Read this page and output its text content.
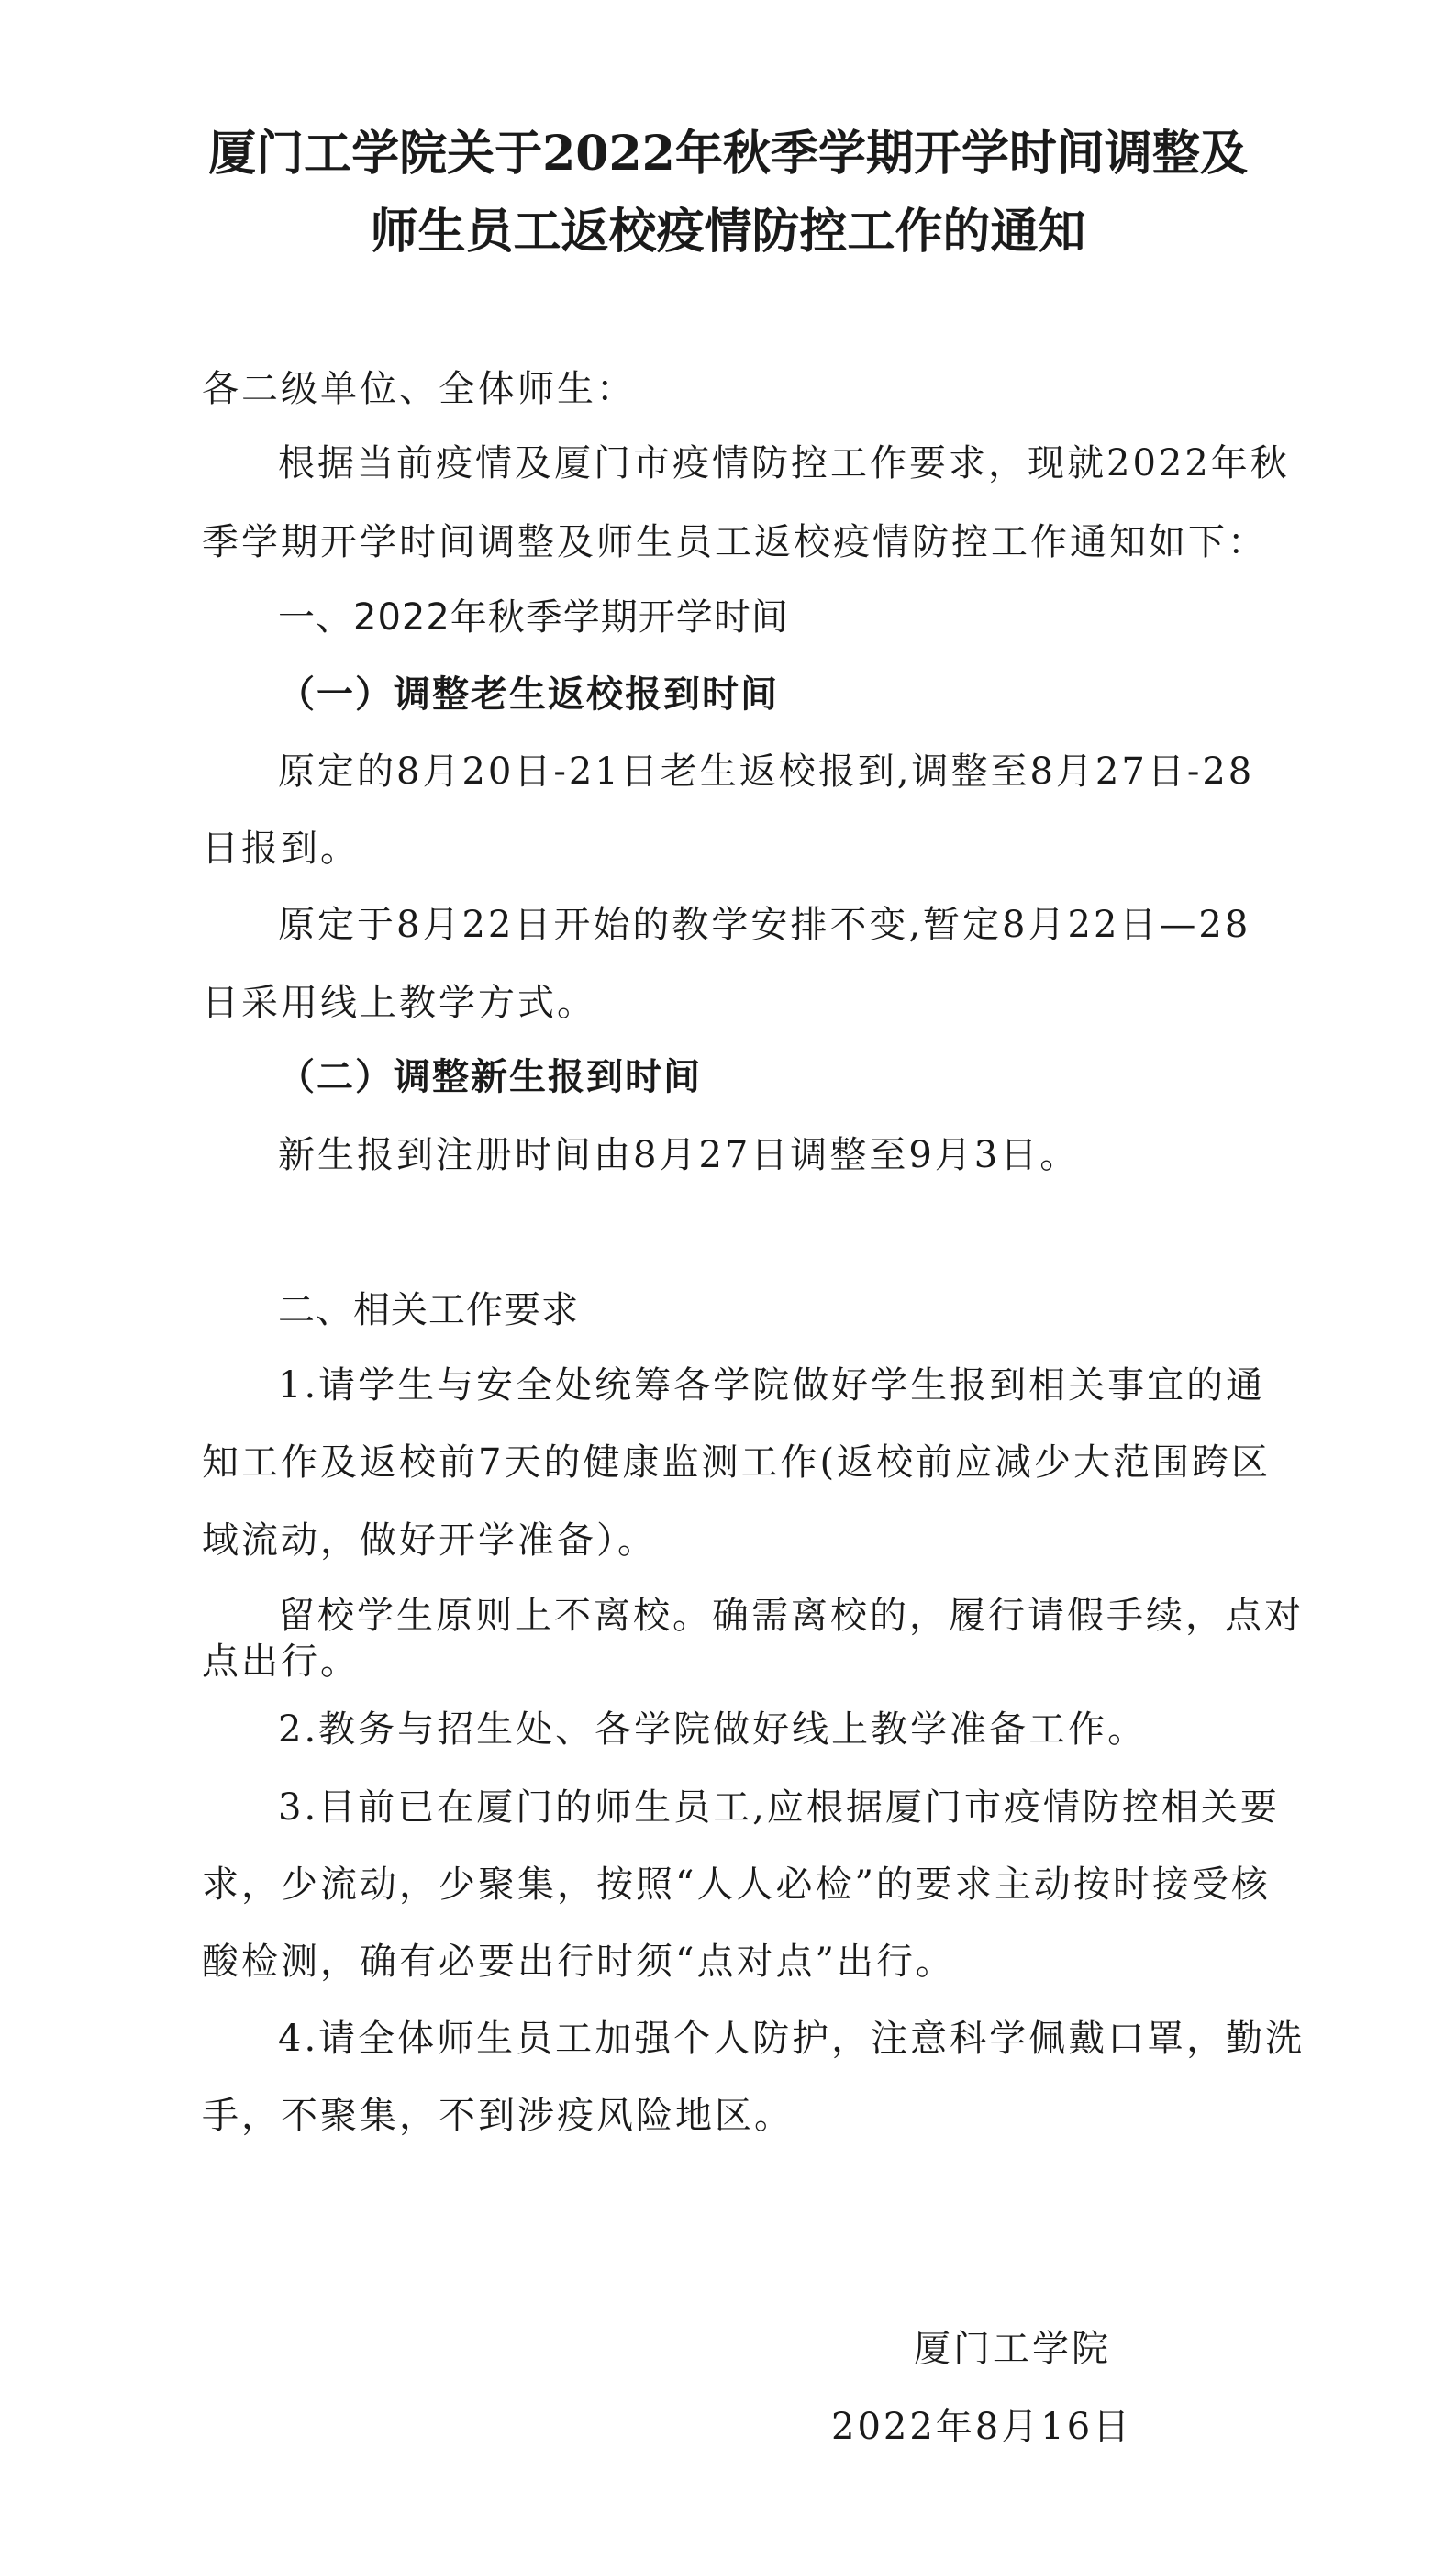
厦门工学院关于2022年秋季学期开学时间调整及
师生员工返校疫情防控工作的通知
各二级单位、全体师生：
根据当前疫情及厦门市疫情防控工作要求，现就2022年秋
季学期开学时间调整及师生员工返校疫情防控工作通知如下：
一、2022年秋季学期开学时间
（一）调整老生返校报到时间
原定的8月20日-21日老生返校报到,调整至8月27日-28
日报到。
原定于8月22日开始的教学安排不变,暂定8月22日—28
日采用线上教学方式。
（二）调整新生报到时间
新生报到注册时间由8月27日调整至9月3日。
二、相关工作要求
1.请学生与安全处统筹各学院做好学生报到相关事宜的通
知工作及返校前7天的健康监测工作(返校前应减少大范围跨区
域流动，做好开学准备）。
留校学生原则上不离校。确需离校的，履行请假手续，点对
点出行。
2.教务与招生处、各学院做好线上教学准备工作。
3.目前已在厦门的师生员工,应根据厦门市疫情防控相关要
求，少流动，少聚集，按照“人人必检”的要求主动按时接受核
酸检测，确有必要出行时须“点对点”出行。
4.请全体师生员工加强个人防护，注意科学佩戴口罩，勤洗
手，不聚集，不到涉疫风险地区。
厦门工学院
2022年8月16日
